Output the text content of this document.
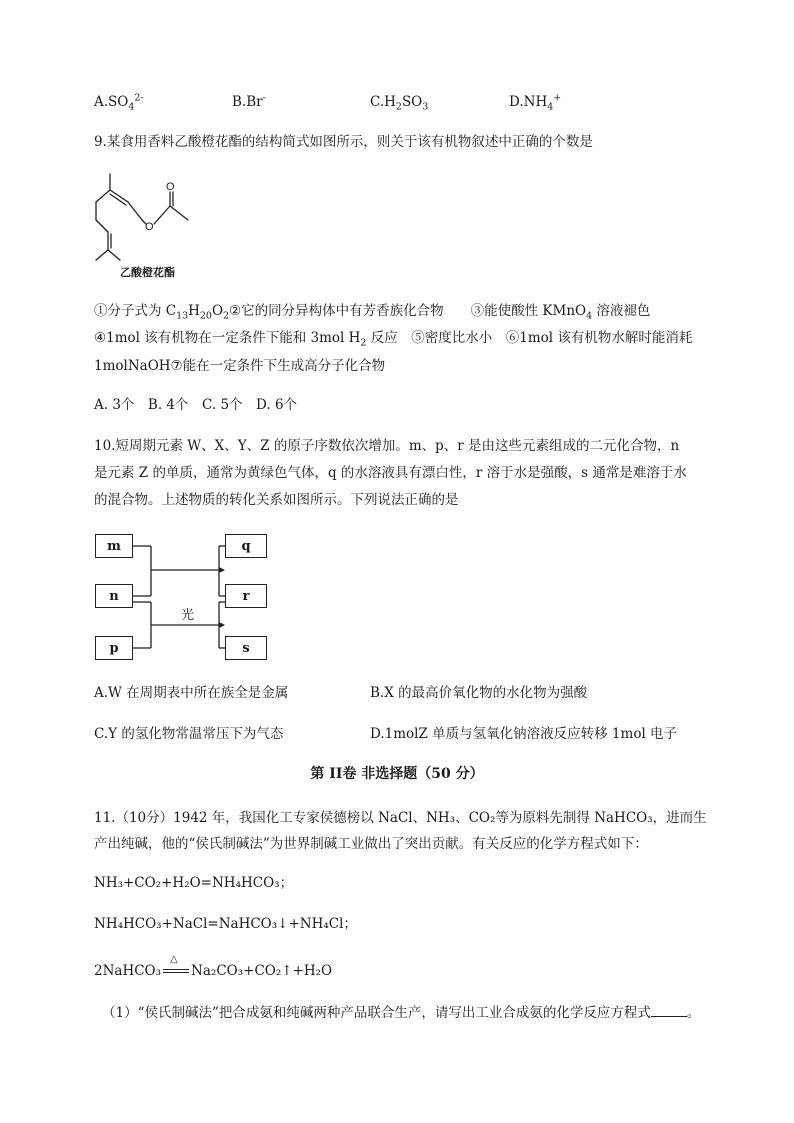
$A.SO_4^{2-}$	B.Br-	$C.H_2SO_3$	$D.NH_4^+$
9.某食用香料乙酸橙花酯的结构简式如图所示，则关于该有机物叙述中正确的个数是
O
O
乙酸橙花酯
①分子式为 $C_{13}H_{20}O_2②$它的同分异构体中有芳香族化合物　　 ③能使酸性 KMnO$_4$ 溶液褪色
④1mol 该有机物在一定条件下能和 3mol $H_2$ 反应　 ⑤密度比水小　 ⑥1mol 该有机物水解时能消耗
1molNaOH⑦能在一定条件下生成高分子化合物
A. 3个　B. 4个　C. 5个　D. 6个
10.短周期元素 W、X、Y、Z 的原子序数依次增加。m、p、r 是由这些元素组成的二元化合物，n
是元素 Z 的单质，通常为黄绿色气体，q 的水溶液具有漂白性，r 溶于水是强酸，s 通常是难溶于水
的混合物。上述物质的转化关系如图所示。下列说法正确的是
m
n
p
q
r
s
光
A.W 在周期表中所在族全是金属	B.X 的最高价氧化物的水化物为强酸
C.Y 的氢化物常温常压下为气态	D.1molZ 单质与氢氧化钠溶液反应转移 1mol 电子
第 II卷 非选择题（50 分）
11.（10分）1942 年，我国化工专家侯德榜以 NaCl、NH₃、CO₂等为原料先制得 NaHCO₃，进而生
产出纯碱，他的“侯氏制碱法”为世界制碱工业做出了突出贡献。有关反应的化学方程式如下：
NH₃+CO₂+H₂O=NH₄HCO₃；
NH₄HCO₃+NaCl=NaHCO₃↓+NH₄Cl；
2NaHCO₃
△
Na₂CO₃+CO₂↑+H₂O
（1）“侯氏制碱法”把合成氨和纯碱两种产品联合生产，请写出工业合成氨的化学反应方程式	。
